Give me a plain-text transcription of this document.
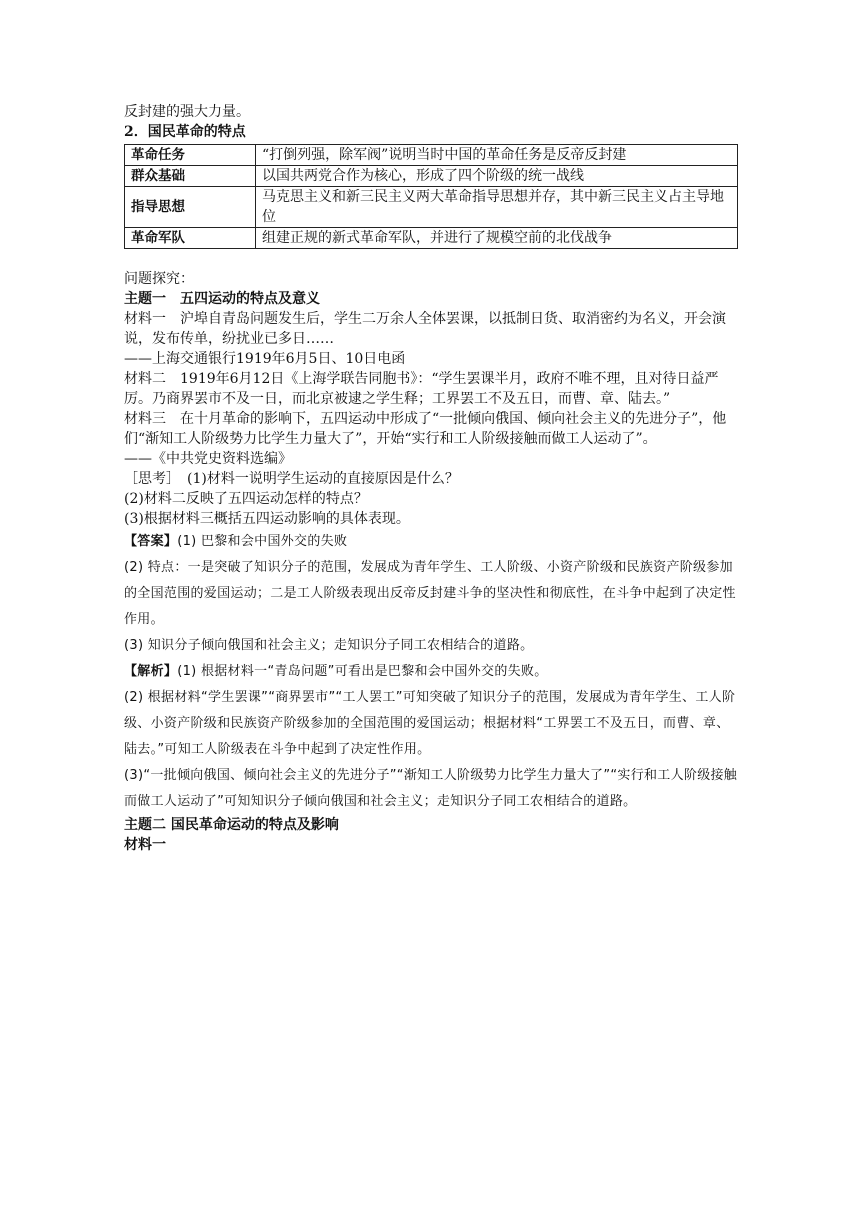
反封建的强大力量。

2．国民革命的特点

革命任务	“打倒列强，除军阀”说明当时中国的革命任务是反帝反封建
群众基础	以国共两党合作为核心，形成了四个阶级的统一战线
指导思想	马克思主义和新三民主义两大革命指导思想并存，其中新三民主义占主导地位
革命军队	组建正规的新式革命军队，并进行了规模空前的北伐战争

问题探究：

主题一　五四运动的特点及意义

材料一　沪埠自青岛问题发生后，学生二万余人全体罢课，以抵制日货、取消密约为名义，开会演说，发布传单，纷扰业已多日……

——上海交通银行1919年6月5日、10日电函

材料二　1919年6月12日《上海学联告同胞书》：“学生罢课半月，政府不唯不理，且对待日益严厉。乃商界罢市不及一日，而北京被逮之学生释；工界罢工不及五日，而曹、章、陆去。”

材料三　在十月革命的影响下，五四运动中形成了“一批倾向俄国、倾向社会主义的先进分子”，他们“渐知工人阶级势力比学生力量大了”，开始“实行和工人阶级接触而做工人运动了”。

——《中共党史资料选编》

［思考］　(1)材料一说明学生运动的直接原因是什么？

(2)材料二反映了五四运动怎样的特点？

(3)根据材料三概括五四运动影响的具体表现。

【答案】(1) 巴黎和会中国外交的失败

(2) 特点：一是突破了知识分子的范围，发展成为青年学生、工人阶级、小资产阶级和民族资产阶级参加的全国范围的爱国运动；二是工人阶级表现出反帝反封建斗争的坚决性和彻底性，在斗争中起到了决定性作用。

(3) 知识分子倾向俄国和社会主义；走知识分子同工农相结合的道路。

【解析】(1) 根据材料一“青岛问题”可看出是巴黎和会中国外交的失败。

(2) 根据材料“学生罢课”“商界罢市”“工人罢工”可知突破了知识分子的范围，发展成为青年学生、工人阶级、小资产阶级和民族资产阶级参加的全国范围的爱国运动；根据材料“工界罢工不及五日，而曹、章、陆去。”可知工人阶级表在斗争中起到了决定性作用。

(3)“一批倾向俄国、倾向社会主义的先进分子”“渐知工人阶级势力比学生力量大了”“实行和工人阶级接触而做工人运动了”可知知识分子倾向俄国和社会主义；走知识分子同工农相结合的道路。

主题二 国民革命运动的特点及影响

材料一
